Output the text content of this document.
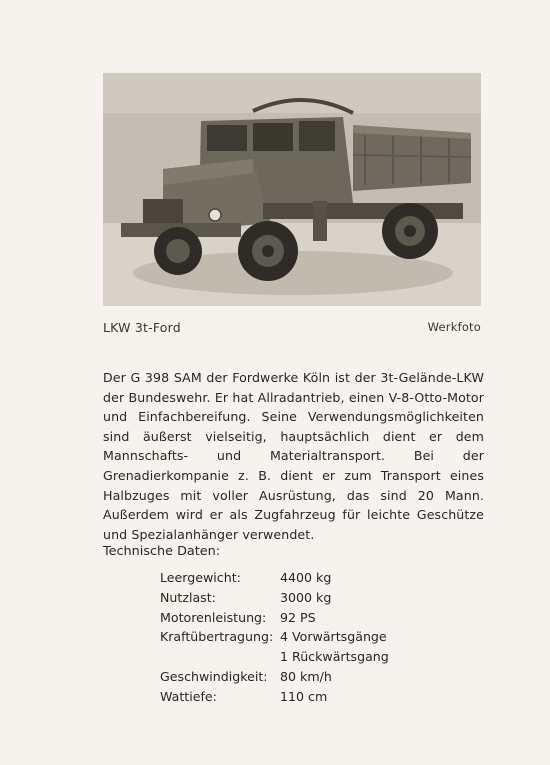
LKW 3t-Ford	Werkfoto
Der G 398 SAM der Fordwerke Köln ist der 3t-Gelände-LKW der Bundeswehr. Er hat Allradantrieb, einen V-8-Otto-Motor und Einfachbereifung. Seine Verwendungsmöglichkeiten sind äußerst vielseitig, hauptsächlich dient er dem Mannschafts- und Materialtransport. Bei der Grenadierkompanie z. B. dient er zum Transport eines Halbzuges mit voller Ausrüstung, das sind 20 Mann. Außerdem wird er als Zugfahrzeug für leichte Geschütze und Spezialanhänger verwendet.
Technische Daten:
Leergewicht:	4400 kg
Nutzlast:	3000 kg
Motorenleistung:	92 PS
Kraftübertragung: 4 Vorwärtsgänge
1 Rückwärtsgang
Geschwindigkeit: 80 km/h
Wattiefe:	110 cm
